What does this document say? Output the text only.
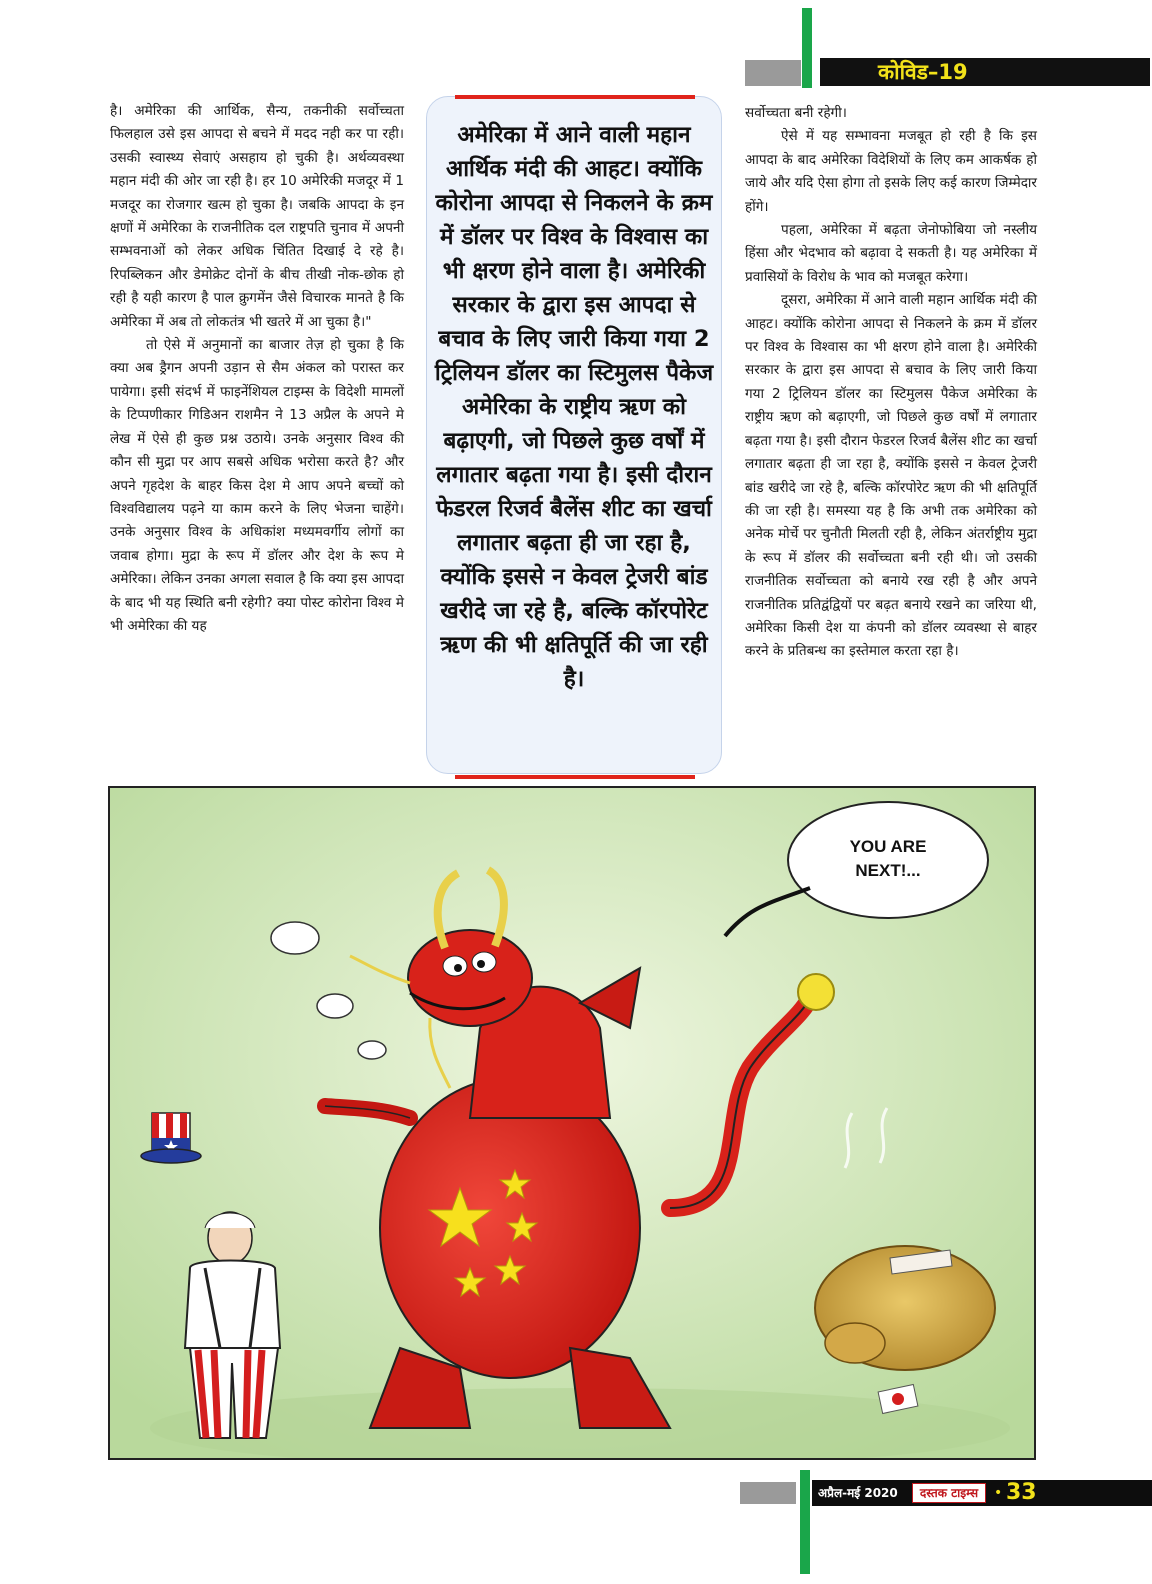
कोविड–19

है। अमेरिका की आर्थिक, सैन्य, तकनीकी सर्वोच्चता फिलहाल उसे इस आपदा से बचने में मदद नही कर पा रही। उसकी स्वास्थ्य सेवाएं असहाय हो चुकी है। अर्थव्यवस्था महान मंदी की ओर जा रही है। हर 10 अमेरिकी मजदूर में 1 मजदूर का रोजगार खत्म हो चुका है। जबकि आपदा के इन क्षणों में अमेरिका के राजनीतिक दल राष्ट्रपति चुनाव में अपनी सम्भवनाओं को लेकर अधिक चिंतित दिखाई दे रहे है। रिपब्लिकन और डेमोक्रेट दोनों के बीच तीखी नोक-छोक हो रही है यही कारण है पाल क्रुगमेंन जैसे विचारक मानते है कि अमेरिका में अब तो लोकतंत्र भी खतरे में आ चुका है।"

तो ऐसे में अनुमानों का बाजार तेज़ हो चुका है कि क्या अब ड्रैगन अपनी उड़ान से सैम अंकल को परास्त कर पायेगा। इसी संदर्भ में फाइनेंशियल टाइम्स के विदेशी मामलों के टिप्पणीकार गिडिअन राशमैन ने 13 अप्रैल के अपने मे लेख में ऐसे ही कुछ प्रश्न उठाये। उनके अनुसार विश्व की कौन सी मुद्रा पर आप सबसे अधिक भरोसा करते है? और अपने गृहदेश के बाहर किस देश मे आप अपने बच्चों को विश्वविद्यालय पढ़ने या काम करने के लिए भेजना चाहेंगे। उनके अनुसार विश्व के अधिकांश मध्यमवर्गीय लोगों का जवाब होगा। मुद्रा के रूप में डॉलर और देश के रूप मे अमेरिका। लेकिन उनका अगला सवाल है कि क्या इस आपदा के बाद भी यह स्थिति बनी रहेगी? क्या पोस्ट कोरोना विश्व मे भी अमेरिका की यह

अमेरिका में आने वाली महान आर्थिक मंदी की आहट। क्योंकि कोरोना आपदा से निकलने के क्रम में डॉलर पर विश्व के विश्वास का भी क्षरण होने वाला है। अमेरिकी सरकार के द्वारा इस आपदा से बचाव के लिए जारी किया गया 2 ट्रिलियन डॉलर का स्टिमुलस पैकेज अमेरिका के राष्ट्रीय ऋण को बढ़ाएगी, जो पिछले कुछ वर्षों में लगातार बढ़ता गया है। इसी दौरान फेडरल रिजर्व बैलेंस शीट का खर्चा लगातार बढ़ता ही जा रहा है, क्योंकि इससे न केवल ट्रेजरी बांड खरीदे जा रहे है, बल्कि कॉरपोरेट ऋण की भी क्षतिपूर्ति की जा रही है।

सर्वोच्चता बनी रहेगी।

ऐसे में यह सम्भावना मजबूत हो रही है कि इस आपदा के बाद अमेरिका विदेशियों के लिए कम आकर्षक हो जाये और यदि ऐसा होगा तो इसके लिए कई कारण जिम्मेदार होंगे।

पहला, अमेरिका में बढ़ता जेनोफोबिया जो नस्लीय हिंसा और भेदभाव को बढ़ावा दे सकती है। यह अमेरिका में प्रवासियों के विरोध के भाव को मजबूत करेगा।

दूसरा, अमेरिका में आने वाली महान आर्थिक मंदी की आहट। क्योंकि कोरोना आपदा से निकलने के क्रम में डॉलर पर विश्व के विश्वास का भी क्षरण होने वाला है। अमेरिकी सरकार के द्वारा इस आपदा से बचाव के लिए जारी किया गया 2 ट्रिलियन डॉलर का स्टिमुलस पैकेज अमेरिका के राष्ट्रीय ऋण को बढ़ाएगी, जो पिछले कुछ वर्षों में लगातार बढ़ता गया है। इसी दौरान फेडरल रिजर्व बैलेंस शीट का खर्चा लगातार बढ़ता ही जा रहा है, क्योंकि इससे न केवल ट्रेजरी बांड खरीदे जा रहे है, बल्कि कॉरपोरेट ऋण की भी क्षतिपूर्ति की जा रही है। समस्या यह है कि अभी तक अमेरिका को अनेक मोर्चे पर चुनौती मिलती रही है, लेकिन अंतर्राष्ट्रीय मुद्रा के रूप में डॉलर की सर्वोच्चता बनी रही थी। जो उसकी राजनीतिक सर्वोच्चता को बनाये रख रही है और अपने राजनीतिक प्रतिद्वंद्वियों पर बढ़त बनाये रखने का जरिया थी, अमेरिका किसी देश या कंपनी को डॉलर व्यवस्था से बाहर करने के प्रतिबन्ध का इस्तेमाल करता रहा है।

YOU ARE
NEXT!...
अप्रैल-मई 2020	दस्तक टाइम्स	• 33
